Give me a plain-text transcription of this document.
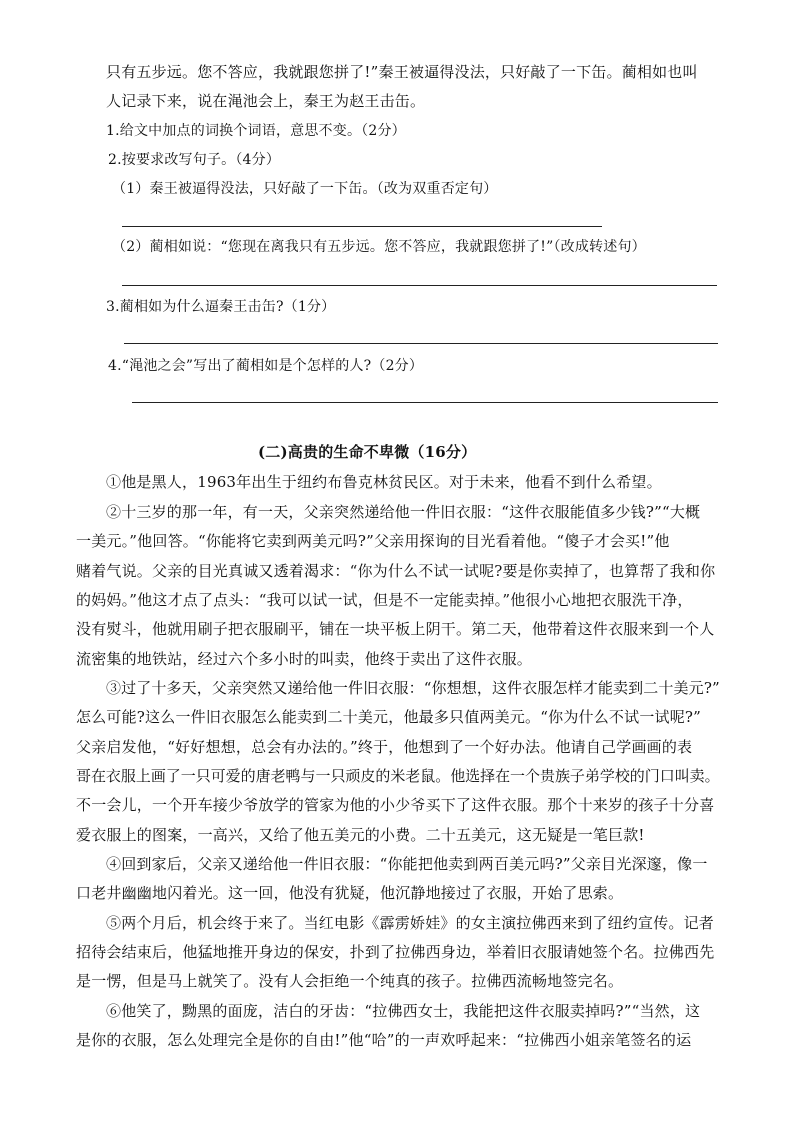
只有五步远。您不答应，我就跟您拼了!”秦王被逼得没法，只好敲了一下缶。蔺相如也叫
人记录下来，说在渑池会上，秦王为赵王击缶。
1.给文中加点的词换个词语，意思不变。（2分）
2.按要求改写句子。（4分）
（1）秦王被逼得没法，只好敲了一下缶。（改为双重否定句）
（2）蔺相如说：“您现在离我只有五步远。您不答应，我就跟您拼了!”（改成转述句）
3.蔺相如为什么逼秦王击缶?（1分）
4.“渑池之会”写出了蔺相如是个怎样的人?（2分）
(二)高贵的生命不卑微（16分）
①他是黑人，1963年出生于纽约布鲁克林贫民区。对于未来，他看不到什么希望。
②十三岁的那一年，有一天，父亲突然递给他一件旧衣服：“这件衣服能值多少钱?”“大概
一美元。”他回答。“你能将它卖到两美元吗?”父亲用探询的目光看着他。“傻子才会买!”他
赌着气说。父亲的目光真诚又透着渴求：“你为什么不试一试呢?要是你卖掉了，也算帮了我和你
的妈妈。”他这才点了点头：“我可以试一试，但是不一定能卖掉。”他很小心地把衣服洗干净，
没有熨斗，他就用刷子把衣服刷平，铺在一块平板上阴干。第二天，他带着这件衣服来到一个人
流密集的地铁站，经过六个多小时的叫卖，他终于卖出了这件衣服。
③过了十多天，父亲突然又递给他一件旧衣服：“你想想，这件衣服怎样才能卖到二十美元?”
怎么可能?这么一件旧衣服怎么能卖到二十美元，他最多只值两美元。“你为什么不试一试呢?”
父亲启发他，“好好想想，总会有办法的。”终于，他想到了一个好办法。他请自己学画画的表
哥在衣服上画了一只可爱的唐老鸭与一只顽皮的米老鼠。他选择在一个贵族子弟学校的门口叫卖。
不一会儿，一个开车接少爷放学的管家为他的小少爷买下了这件衣服。那个十来岁的孩子十分喜
爱衣服上的图案，一高兴，又给了他五美元的小费。二十五美元，这无疑是一笔巨款!
④回到家后，父亲又递给他一件旧衣服：“你能把他卖到两百美元吗?”父亲目光深邃，像一
口老井幽幽地闪着光。这一回，他没有犹疑，他沉静地接过了衣服，开始了思索。
⑤两个月后，机会终于来了。当红电影《霹雳娇娃》的女主演拉佛西来到了纽约宣传。记者
招待会结束后，他猛地推开身边的保安，扑到了拉佛西身边，举着旧衣服请她签个名。拉佛西先
是一愣，但是马上就笑了。没有人会拒绝一个纯真的孩子。拉佛西流畅地签完名。
⑥他笑了，黝黑的面庞，洁白的牙齿：“拉佛西女士，我能把这件衣服卖掉吗?”“当然，这
是你的衣服，怎么处理完全是你的自由!”他“哈”的一声欢呼起来：“拉佛西小姐亲笔签名的运
